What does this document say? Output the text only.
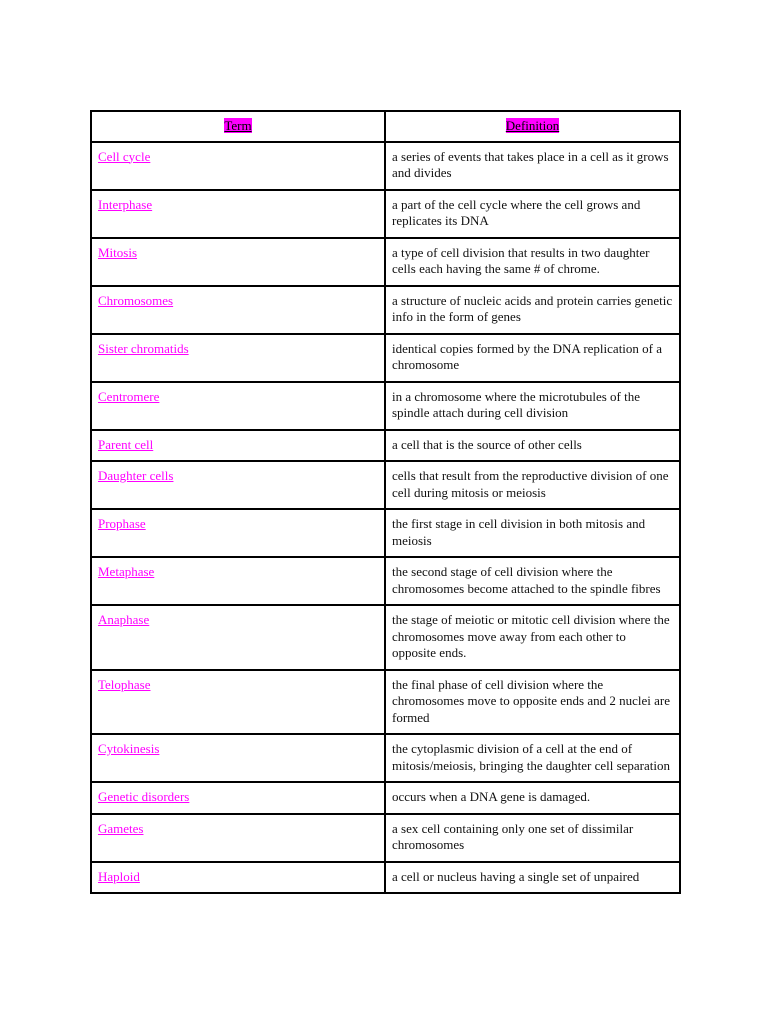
Term	Definition
Cell cycle	a series of events that takes place in a cell as it grows and divides
Interphase	a part of the cell cycle where the cell grows and replicates its DNA
Mitosis	a type of cell division that results in two daughter cells each having the same # of chrome.
Chromosomes	a structure of nucleic acids and protein carries genetic info in the form of genes
Sister chromatids	identical copies formed by the DNA replication of a chromosome
Centromere	in a chromosome where the microtubules of the spindle attach during cell division
Parent cell	a cell that is the source of other cells
Daughter cells	cells that result from the reproductive division of one cell during mitosis or meiosis
Prophase	the first stage in cell division in both mitosis and meiosis
Metaphase	the second stage of cell division where the chromosomes become attached to the spindle fibres
Anaphase	the stage of meiotic or mitotic cell division where the chromosomes move away from each other to opposite ends.
Telophase	the final phase of cell division where the chromosomes move to opposite ends and 2 nuclei are formed
Cytokinesis	the cytoplasmic division of a cell at the end of mitosis/meiosis, bringing the daughter cell separation
Genetic disorders	occurs when a DNA gene is damaged.
Gametes	a sex cell containing only one set of dissimilar chromosomes
Haploid	a cell or nucleus having a single set of unpaired
